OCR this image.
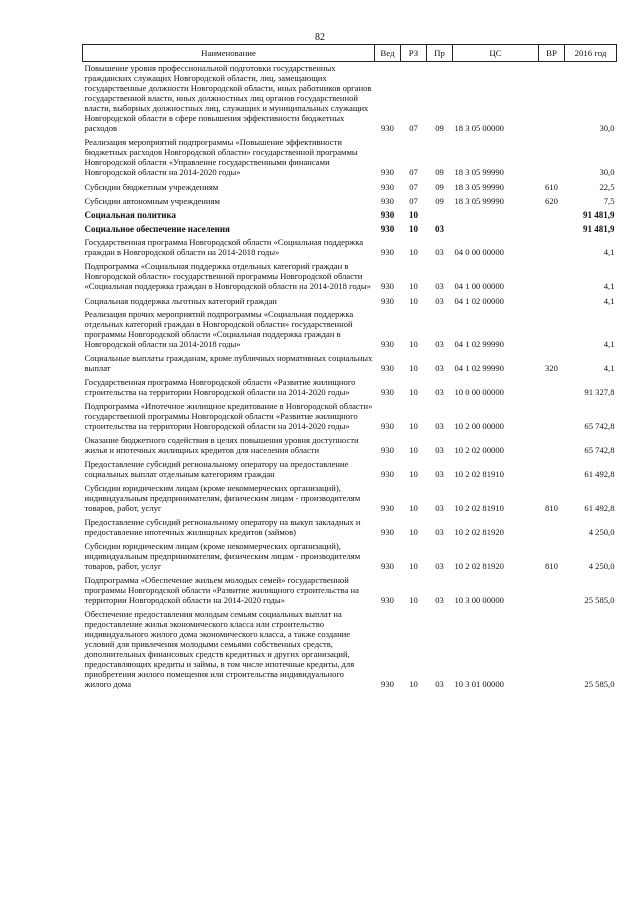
82
Наименование	Вед	РЗ	Пр	ЦС	ВР	2016 год
Повышение уровня профессиональной подготовки государственных гражданских служащих Новгородской области, лиц, замещающих государственные должности Новгородской области, иных работников органов государственной власти, иных должностных лиц органов государственной власти, выборных должностных лиц, служащих и муниципальных служащих Новгородской области в сфере повышения эффективности бюджетных расходов	930	07	09	18 3 05 00000		30,0
Реализация мероприятий подпрограммы «Повышение эффективности бюджетных расходов Новгородской области» государственной программы Новгородской области «Управление государственными финансами Новгородской области на 2014-2020 годы»	930	07	09	18 3 05 99990		30,0
Субсидии бюджетным учреждениям	930	07	09	18 3 05 99990	610	22,5
Субсидии автономным учреждениям	930	07	09	18 3 05 99990	620	7,5
Социальная политика	930	10				91 481,9
Социальное обеспечение населения	930	10	03			91 481,9
Государственная программа Новгородской области «Социальная поддержка граждан в Новгородской области на 2014-2018 годы»	930	10	03	04 0 00 00000		4,1
Подпрограмма «Социальная поддержка отдельных категорий граждан в Новгородской области» государственной программы Новгородской области «Социальная поддержка граждан в Новгородской области на 2014-2018 годы»	930	10	03	04 1 00 00000		4,1
Социальная поддержка льготных категорий граждан	930	10	03	04 1 02 00000		4,1
Реализация прочих мероприятий подпрограммы «Социальная поддержка отдельных категорий граждан в Новгородской области» государственной программы Новгородской области «Социальная поддержка граждан в Новгородской области на 2014-2018 годы»	930	10	03	04 1 02 99990		4,1
Социальные выплаты гражданам, кроме публичных нормативных социальных выплат	930	10	03	04 1 02 99990	320	4,1
Государственная программа Новгородской области «Развитие жилищного строительства на территории Новгородской области на 2014-2020 годы»	930	10	03	10 0 00 00000		91 327,8
Подпрограмма «Ипотечное жилищное кредитование в Новгородской области» государственной программы Новгородской области «Развитие жилищного строительства на территории Новгородской области на 2014-2020 годы»	930	10	03	10 2 00 00000		65 742,8
Оказание бюджетного содействия в целях повышения уровня доступности жилья и ипотечных жилищных кредитов для населения области	930	10	03	10 2 02 00000		65 742,8
Предоставление субсидий региональному оператору на предоставление социальных выплат отдельным категориям граждан	930	10	03	10 2 02 81910		61 492,8
Субсидии юридическим лицам (кроме некоммерческих организаций), индивидуальным предпринимателям, физическим лицам - производителям товаров, работ, услуг	930	10	03	10 2 02 81910	810	61 492,8
Предоставление субсидий региональному оператору на выкуп закладных и предоставление ипотечных жилищных кредитов (займов)	930	10	03	10 2 02 81920		4 250,0
Субсидии юридическим лицам (кроме некоммерческих организаций), индивидуальным предпринимателям, физическим лицам - производителям товаров, работ, услуг	930	10	03	10 2 02 81920	810	4 250,0
Подпрограмма «Обеспечение жильем молодых семей» государственной программы Новгородской области «Развитие жилищного строительства на территории Новгородской области на 2014-2020 годы»	930	10	03	10 3 00 00000		25 585,0
Обеспечение предоставления молодым семьям социальных выплат на предоставление жилья экономического класса или строительство индивидуального жилого дома экономического класса, а также создание условий для привлечения молодыми семьями собственных средств, дополнительных финансовых средств кредитных и других организаций, предоставляющих кредиты и займы, в том числе ипотечные кредиты, для приобретения жилого помещения или строительства индивидуального жилого дома	930	10	03	10 3 01 00000		25 585,0
